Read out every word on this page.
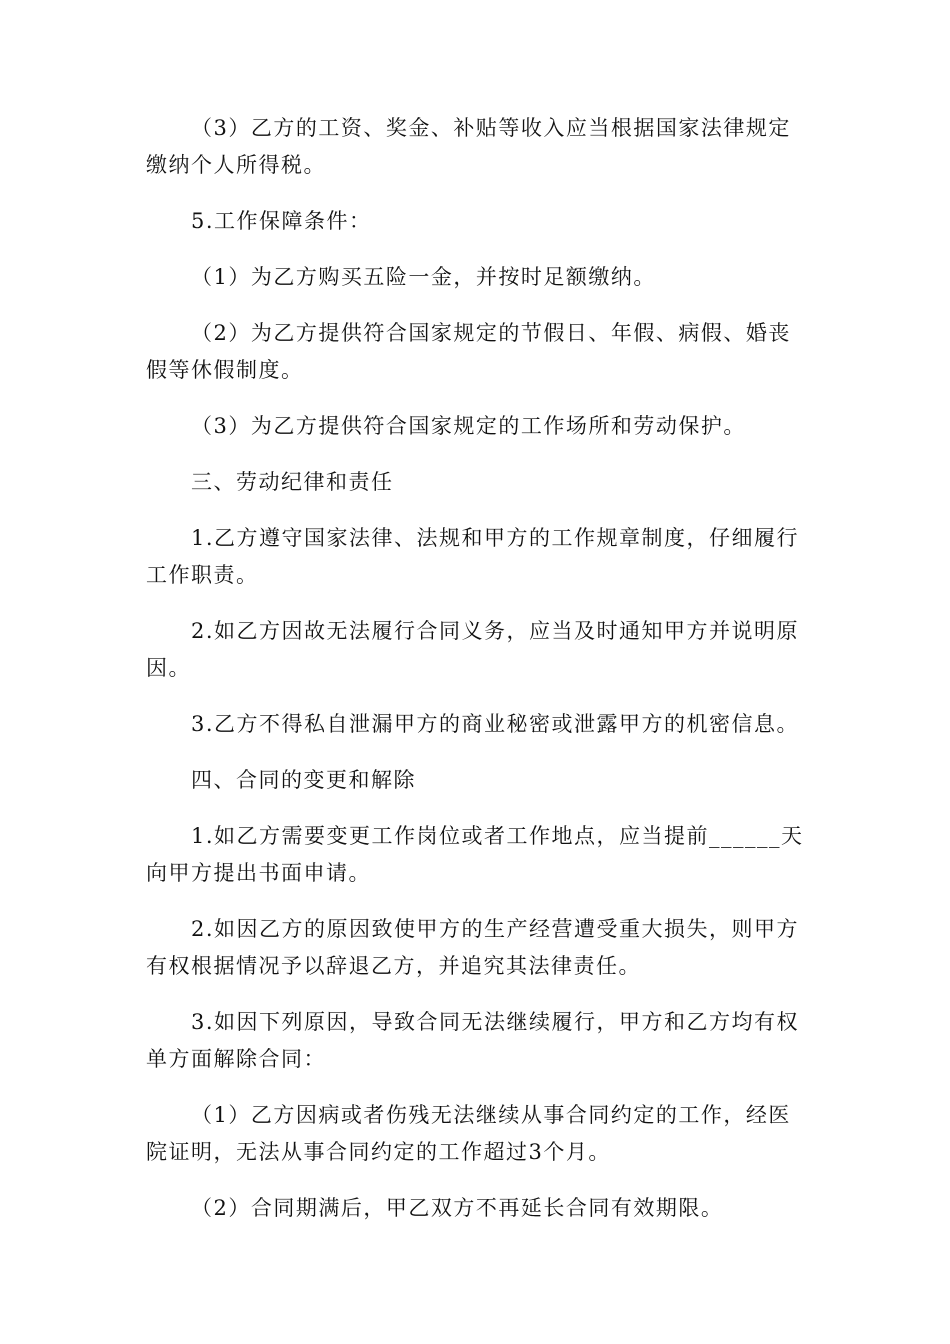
（3）乙方的工资、奖金、补贴等收入应当根据国家法律规定缴纳个人所得税。

5.工作保障条件：

（1）为乙方购买五险一金，并按时足额缴纳。

（2）为乙方提供符合国家规定的节假日、年假、病假、婚丧假等休假制度。

（3）为乙方提供符合国家规定的工作场所和劳动保护。

三、劳动纪律和责任

1.乙方遵守国家法律、法规和甲方的工作规章制度，仔细履行工作职责。

2.如乙方因故无法履行合同义务，应当及时通知甲方并说明原因。

3.乙方不得私自泄漏甲方的商业秘密或泄露甲方的机密信息。

四、合同的变更和解除

1.如乙方需要变更工作岗位或者工作地点，应当提前______天向甲方提出书面申请。

2.如因乙方的原因致使甲方的生产经营遭受重大损失，则甲方有权根据情况予以辞退乙方，并追究其法律责任。

3.如因下列原因，导致合同无法继续履行，甲方和乙方均有权单方面解除合同：

（1）乙方因病或者伤残无法继续从事合同约定的工作，经医院证明，无法从事合同约定的工作超过3个月。

（2）合同期满后，甲乙双方不再延长合同有效期限。
